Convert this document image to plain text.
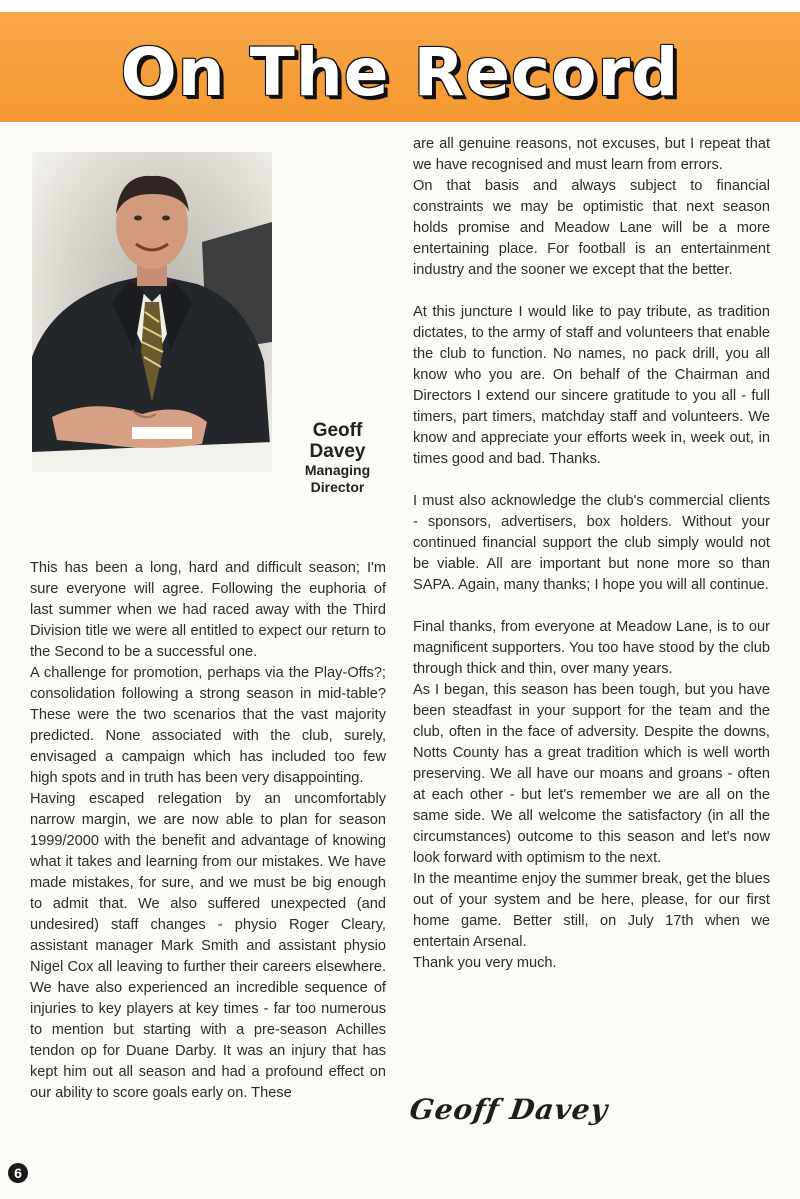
On The Record
Geoff
Davey
Managing
Director

This has been a long, hard and difficult season; I'm sure everyone will agree. Following the euphoria of last summer when we had raced away with the Third Division title we were all entitled to expect our return to the Second to be a successful one.

A challenge for promotion, perhaps via the Play-Offs?; consolidation following a strong season in mid-table? These were the two scenarios that the vast majority predicted. None associated with the club, surely, envisaged a campaign which has included too few high spots and in truth has been very disappointing.

Having escaped relegation by an uncomfortably narrow margin, we are now able to plan for season 1999/2000 with the benefit and advantage of knowing what it takes and learning from our mistakes. We have made mistakes, for sure, and we must be big enough to admit that. We also suffered unexpected (and undesired) staff changes - physio Roger Cleary, assistant manager Mark Smith and assistant physio Nigel Cox all leaving to further their careers elsewhere. We have also experienced an incredible sequence of injuries to key players at key times - far too numerous to mention but starting with a pre-season Achilles tendon op for Duane Darby. It was an injury that has kept him out all season and had a profound effect on our ability to score goals early on. These

are all genuine reasons, not excuses, but I repeat that we have recognised and must learn from errors.

On that basis and always subject to financial constraints we may be optimistic that next season holds promise and Meadow Lane will be a more entertaining place. For football is an entertainment industry and the sooner we except that the better.

At this juncture I would like to pay tribute, as tradition dictates, to the army of staff and volunteers that enable the club to function. No names, no pack drill, you all know who you are. On behalf of the Chairman and Directors I extend our sincere gratitude to you all - full timers, part timers, matchday staff and volunteers. We know and appreciate your efforts week in, week out, in times good and bad. Thanks.

I must also acknowledge the club's commercial clients - sponsors, advertisers, box holders. Without your continued financial support the club simply would not be viable. All are important but none more so than SAPA. Again, many thanks; I hope you will all continue.

Final thanks, from everyone at Meadow Lane, is to our magnificent supporters. You too have stood by the club through thick and thin, over many years.

As I began, this season has been tough, but you have been steadfast in your support for the team and the club, often in the face of adversity. Despite the downs, Notts County has a great tradition which is well worth preserving. We all have our moans and groans - often at each other - but let's remember we are all on the same side. We all welcome the satisfactory (in all the circumstances) outcome to this season and let's now look forward with optimism to the next.

In the meantime enjoy the summer break, get the blues out of your system and be here, please, for our first home game. Better still, on July 17th when we entertain Arsenal.

Thank you very much.

Geoff Davey
6
